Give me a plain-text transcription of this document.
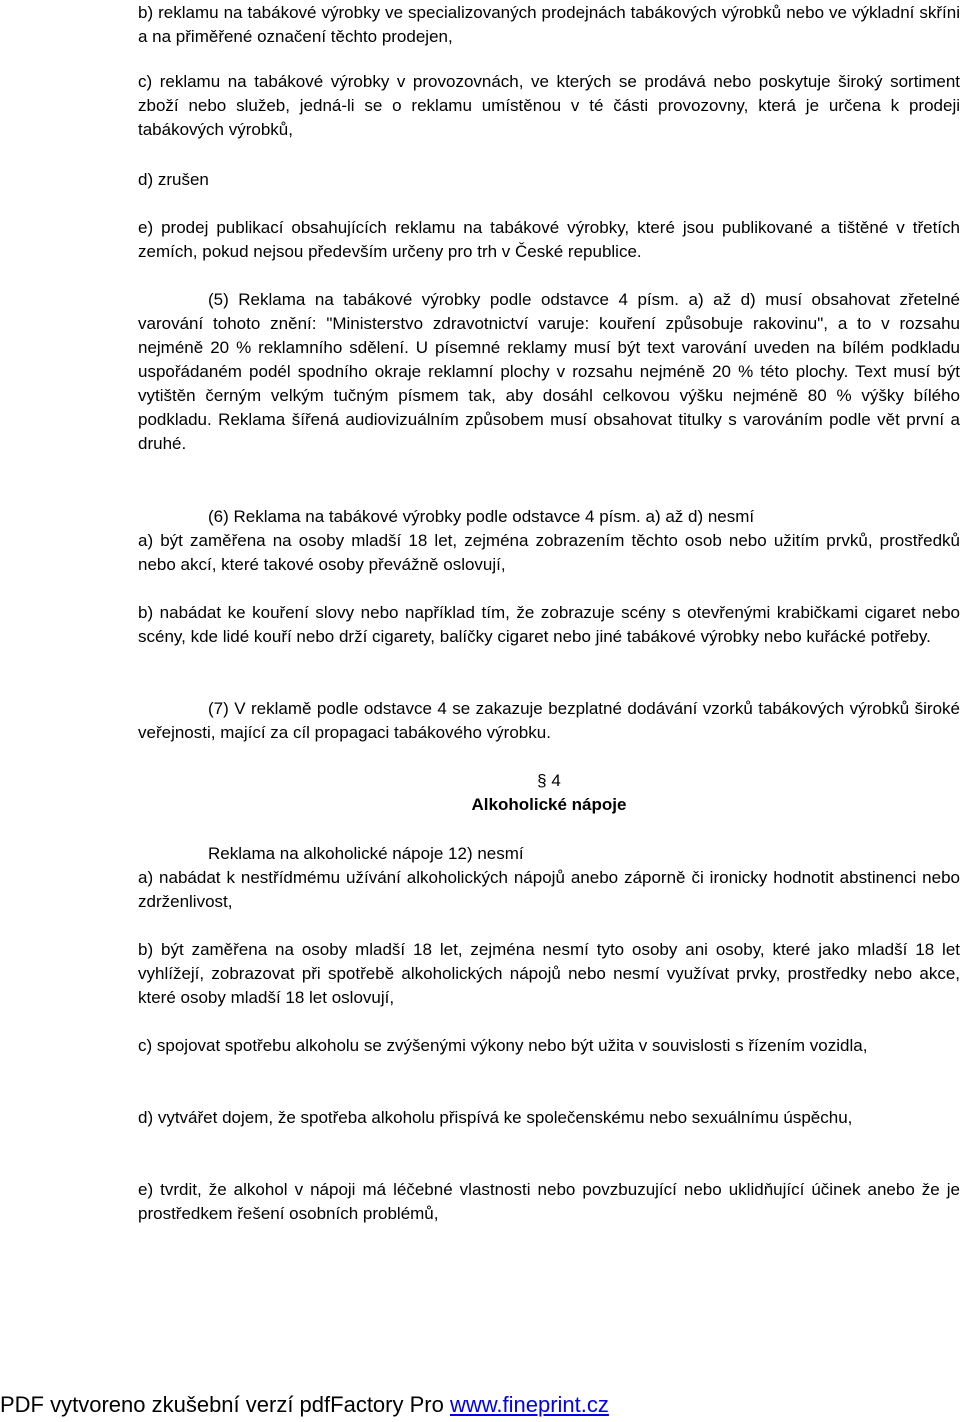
b) reklamu na tabákové výrobky ve specializovaných prodejnách tabákových výrobků nebo ve výkladní skříni a na přiměřené označení těchto prodejen,

c) reklamu na tabákové výrobky v provozovnách, ve kterých se prodává nebo poskytuje široký sortiment zboží nebo služeb, jedná-li se o reklamu umístěnou v té části provozovny, která je určena k prodeji tabákových výrobků,

d) zrušen

e) prodej publikací obsahujících reklamu na tabákové výrobky, které jsou publikované a tištěné v třetích zemích, pokud nejsou především určeny pro trh v České republice.

(5) Reklama na tabákové výrobky podle odstavce 4 písm. a) až d) musí obsahovat zřetelné varování tohoto znění: "Ministerstvo zdravotnictví varuje: kouření způsobuje rakovinu", a to v rozsahu nejméně 20 % reklamního sdělení. U písemné reklamy musí být text varování uveden na bílém podkladu uspořádaném podél spodního okraje reklamní plochy v rozsahu nejméně 20 % této plochy. Text musí být vytištěn černým velkým tučným písmem tak, aby dosáhl celkovou výšku nejméně 80 % výšky bílého podkladu. Reklama šířená audiovizuálním způsobem musí obsahovat titulky s varováním podle vět první a druhé.

(6) Reklama na tabákové výrobky podle odstavce 4 písm. a) až d) nesmí

a) být zaměřena na osoby mladší 18 let, zejména zobrazením těchto osob nebo užitím prvků, prostředků nebo akcí, které takové osoby převážně oslovují,

b) nabádat ke kouření slovy nebo například tím, že zobrazuje scény s otevřenými krabičkami cigaret nebo scény, kde lidé kouří nebo drží cigarety, balíčky cigaret nebo jiné tabákové výrobky nebo kuřácké potřeby.

(7) V reklamě podle odstavce 4 se zakazuje bezplatné dodávání vzorků tabákových výrobků široké veřejnosti, mající za cíl propagaci tabákového výrobku.

§ 4
Alkoholické nápoje

Reklama na alkoholické nápoje 12) nesmí

a) nabádat k nestřídmému užívání alkoholických nápojů anebo záporně či ironicky hodnotit abstinenci nebo zdrženlivost,

b) být zaměřena na osoby mladší 18 let, zejména nesmí tyto osoby ani osoby, které jako mladší 18 let vyhlížejí, zobrazovat při spotřebě alkoholických nápojů nebo nesmí využívat prvky, prostředky nebo akce, které osoby mladší 18 let oslovují,

c) spojovat spotřebu alkoholu se zvýšenými výkony nebo být užita v souvislosti s řízením vozidla,

d) vytvářet dojem, že spotřeba alkoholu přispívá ke společenskému nebo sexuálnímu úspěchu,

e) tvrdit, že alkohol v nápoji má léčebné vlastnosti nebo povzbuzující nebo uklidňující účinek anebo že je prostředkem řešení osobních problémů,

PDF vytvoreno zkušební verzí pdfFactory Pro www.fineprint.cz
